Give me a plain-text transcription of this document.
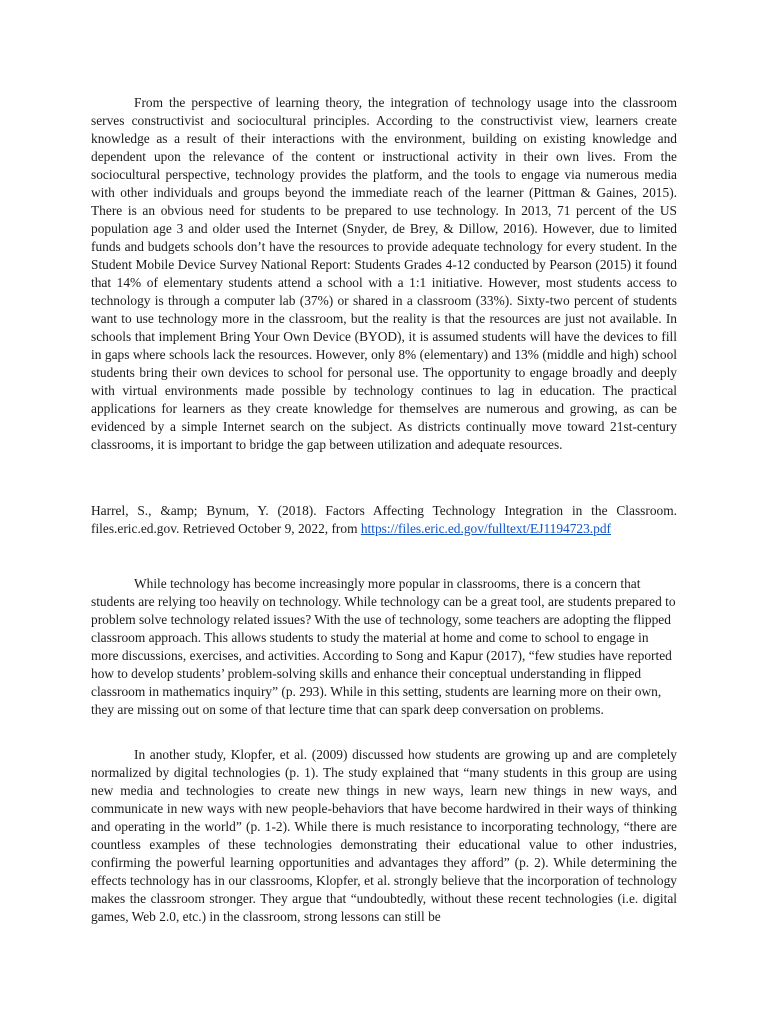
From the perspective of learning theory, the integration of technology usage into the classroom serves constructivist and sociocultural principles. According to the constructivist view, learners create knowledge as a result of their interactions with the environment, building on existing knowledge and dependent upon the relevance of the content or instructional activity in their own lives. From the sociocultural perspective, technology provides the platform, and the tools to engage via numerous media with other individuals and groups beyond the immediate reach of the learner (Pittman & Gaines, 2015). There is an obvious need for students to be prepared to use technology. In 2013, 71 percent of the US population age 3 and older used the Internet (Snyder, de Brey, & Dillow, 2016). However, due to limited funds and budgets schools don’t have the resources to provide adequate technology for every student. In the Student Mobile Device Survey National Report: Students Grades 4-12 conducted by Pearson (2015) it found that 14% of elementary students attend a school with a 1:1 initiative. However, most students access to technology is through a computer lab (37%) or shared in a classroom (33%). Sixty-two percent of students want to use technology more in the classroom, but the reality is that the resources are just not available. In schools that implement Bring Your Own Device (BYOD), it is assumed students will have the devices to fill in gaps where schools lack the resources. However, only 8% (elementary) and 13% (middle and high) school students bring their own devices to school for personal use. The opportunity to engage broadly and deeply with virtual environments made possible by technology continues to lag in education. The practical applications for learners as they create knowledge for themselves are numerous and growing, as can be evidenced by a simple Internet search on the subject. As districts continually move toward 21st-century classrooms, it is important to bridge the gap between utilization and adequate resources.

Harrel, S., &amp; Bynum, Y. (2018). Factors Affecting Technology Integration in the Classroom. files.eric.ed.gov. Retrieved October 9, 2022, from https://files.eric.ed.gov/fulltext/EJ1194723.pdf

While technology has become increasingly more popular in classrooms, there is a concern that students are relying too heavily on technology. While technology can be a great tool, are students prepared to problem solve technology related issues? With the use of technology, some teachers are adopting the flipped classroom approach. This allows students to study the material at home and come to school to engage in more discussions, exercises, and activities. According to Song and Kapur (2017), “few studies have reported how to develop students’ problem-solving skills and enhance their conceptual understanding in flipped classroom in mathematics inquiry” (p. 293). While in this setting, students are learning more on their own, they are missing out on some of that lecture time that can spark deep conversation on problems.

In another study, Klopfer, et al. (2009) discussed how students are growing up and are completely normalized by digital technologies (p. 1). The study explained that “many students in this group are using new media and technologies to create new things in new ways, learn new things in new ways, and communicate in new ways with new people-behaviors that have become hardwired in their ways of thinking and operating in the world” (p. 1-2). While there is much resistance to incorporating technology, “there are countless examples of these technologies demonstrating their educational value to other industries, confirming the powerful learning opportunities and advantages they afford” (p. 2). While determining the effects technology has in our classrooms, Klopfer, et al. strongly believe that the incorporation of technology makes the classroom stronger. They argue that “undoubtedly, without these recent technologies (i.e. digital games, Web 2.0, etc.) in the classroom, strong lessons can still be
